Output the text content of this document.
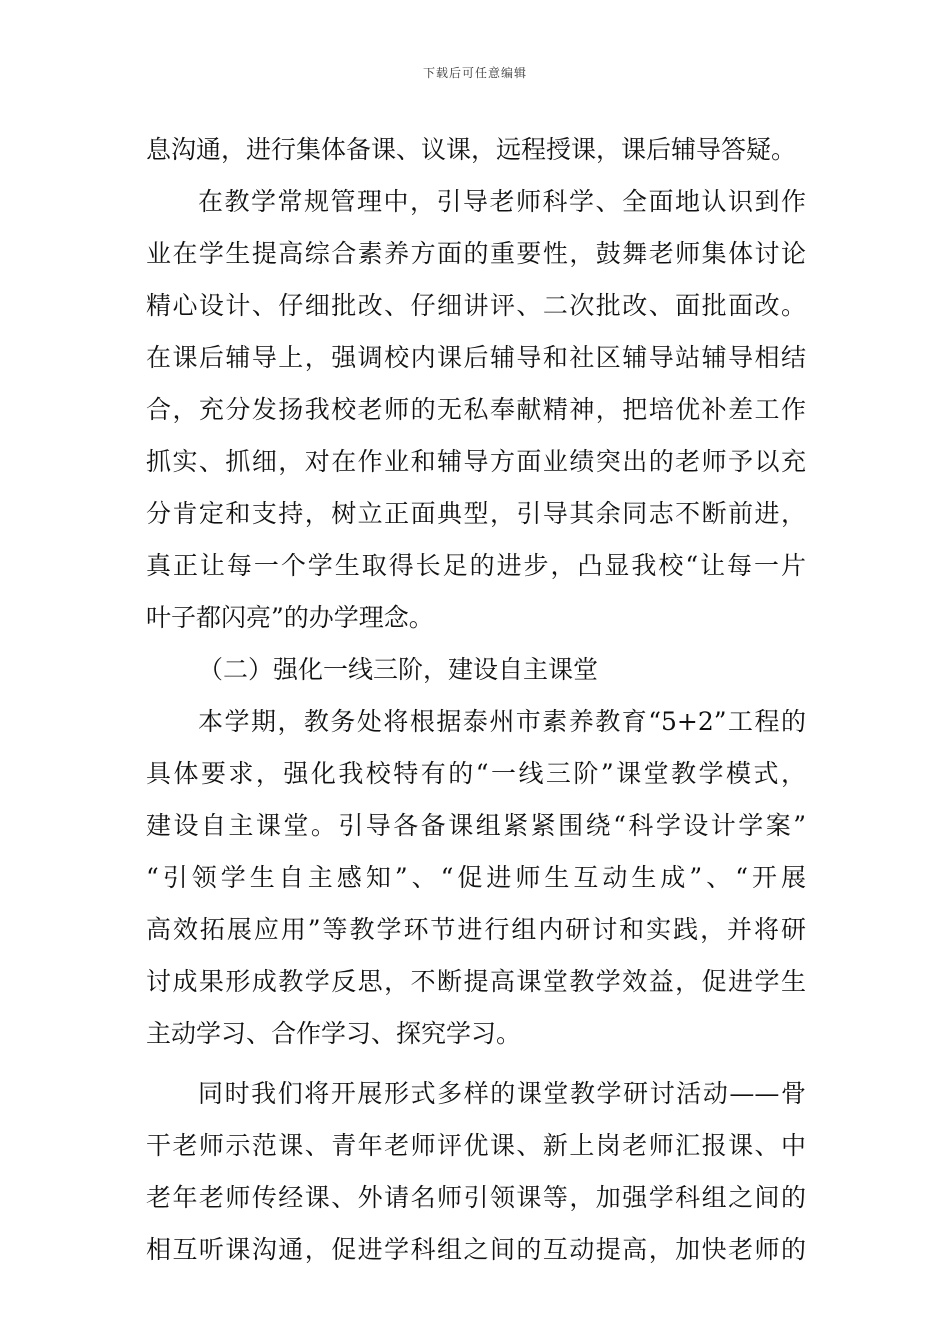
下载后可任意编辑
息沟通，进行集体备课、议课，远程授课，课后辅导答疑。
在教学常规管理中，引导老师科学、全面地认识到作
业在学生提高综合素养方面的重要性，鼓舞老师集体讨论
精心设计、仔细批改、仔细讲评、二次批改、面批面改。
在课后辅导上，强调校内课后辅导和社区辅导站辅导相结
合，充分发扬我校老师的无私奉献精神，把培优补差工作
抓实、抓细，对在作业和辅导方面业绩突出的老师予以充
分肯定和支持，树立正面典型，引导其余同志不断前进，
真正让每一个学生取得长足的进步，凸显我校“让每一片
叶子都闪亮”的办学理念。
（二）强化一线三阶，建设自主课堂
本学期，教务处将根据泰州市素养教育“5+2”工程的
具体要求，强化我校特有的“一线三阶”课堂教学模式，
建设自主课堂。引导各备课组紧紧围绕“科学设计学案”
“引领学生自主感知”、“促进师生互动生成”、“开展
高效拓展应用”等教学环节进行组内研讨和实践，并将研
讨成果形成教学反思，不断提高课堂教学效益，促进学生
主动学习、合作学习、探究学习。
同时我们将开展形式多样的课堂教学研讨活动——骨
干老师示范课、青年老师评优课、新上岗老师汇报课、中
老年老师传经课、外请名师引领课等，加强学科组之间的
相互听课沟通，促进学科组之间的互动提高，加快老师的
